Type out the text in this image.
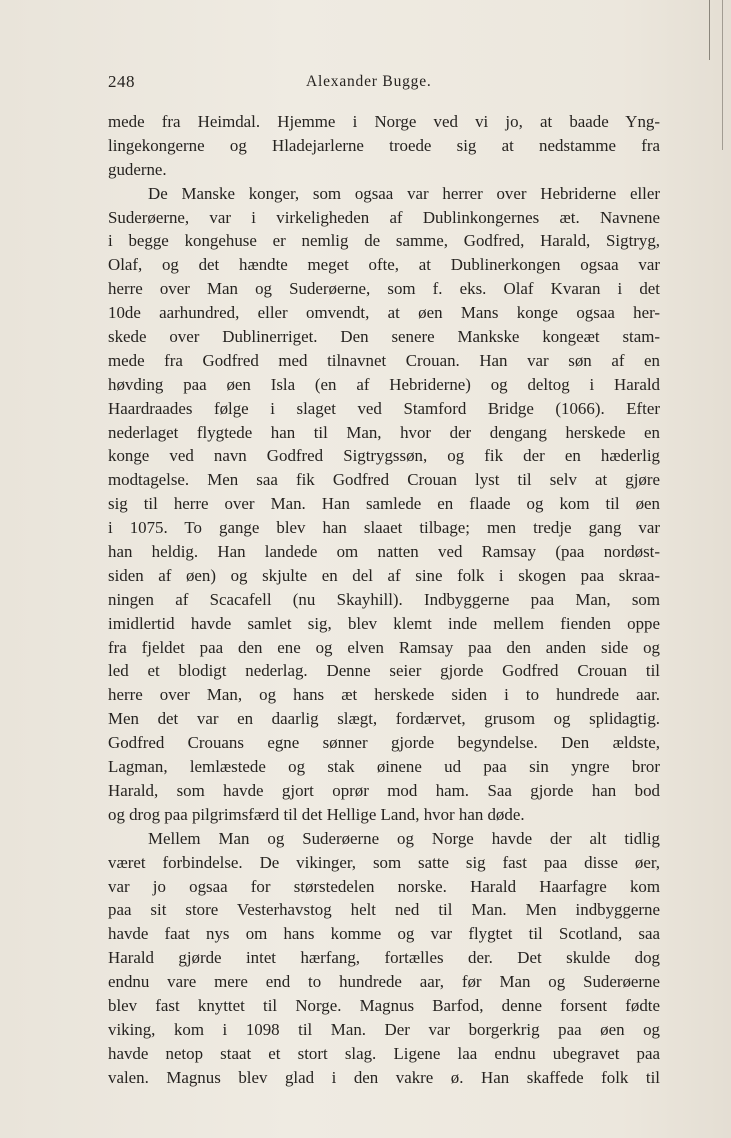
248	Alexander Bugge.
mede fra Heimdal. Hjemme i Norge ved vi jo, at baade Yng-
lingekongerne og Hladejarlerne troede sig at nedstamme fra
guderne.
De Manske konger, som ogsaa var herrer over Hebriderne eller
Suderøerne, var i virkeligheden af Dublinkongernes æt. Navnene
i begge kongehuse er nemlig de samme, Godfred, Harald, Sigtryg,
Olaf, og det hændte meget ofte, at Dublinerkongen ogsaa var
herre over Man og Suderøerne, som f. eks. Olaf Kvaran i det
10de aarhundred, eller omvendt, at øen Mans konge ogsaa her-
skede over Dublinerriget. Den senere Mankske kongeæt stam-
mede fra Godfred med tilnavnet Crouan. Han var søn af en
høvding paa øen Isla (en af Hebriderne) og deltog i Harald
Haardraades følge i slaget ved Stamford Bridge (1066). Efter
nederlaget flygtede han til Man, hvor der dengang herskede en
konge ved navn Godfred Sigtrygssøn, og fik der en hæderlig
modtagelse. Men saa fik Godfred Crouan lyst til selv at gjøre
sig til herre over Man. Han samlede en flaade og kom til øen
i 1075. To gange blev han slaaet tilbage; men tredje gang var
han heldig. Han landede om natten ved Ramsay (paa nordøst-
siden af øen) og skjulte en del af sine folk i skogen paa skraa-
ningen af Scacafell (nu Skayhill). Indbyggerne paa Man, som
imidlertid havde samlet sig, blev klemt inde mellem fienden oppe
fra fjeldet paa den ene og elven Ramsay paa den anden side og
led et blodigt nederlag. Denne seier gjorde Godfred Crouan til
herre over Man, og hans æt herskede siden i to hundrede aar.
Men det var en daarlig slægt, fordærvet, grusom og splidagtig.
Godfred Crouans egne sønner gjorde begyndelse. Den ældste,
Lagman, lemlæstede og stak øinene ud paa sin yngre bror
Harald, som havde gjort oprør mod ham. Saa gjorde han bod
og drog paa pilgrimsfærd til det Hellige Land, hvor han døde.
Mellem Man og Suderøerne og Norge havde der alt tidlig
været forbindelse. De vikinger, som satte sig fast paa disse øer,
var jo ogsaa for størstedelen norske. Harald Haarfagre kom
paa sit store Vesterhavstog helt ned til Man. Men indbyggerne
havde faat nys om hans komme og var flygtet til Scotland, saa
Harald gjørde intet hærfang, fortælles der. Det skulde dog
endnu vare mere end to hundrede aar, før Man og Suderøerne
blev fast knyttet til Norge. Magnus Barfod, denne forsent fødte
viking, kom i 1098 til Man. Der var borgerkrig paa øen og
havde netop staat et stort slag. Ligene laa endnu ubegravet paa
valen. Magnus blev glad i den vakre ø. Han skaffede folk til
